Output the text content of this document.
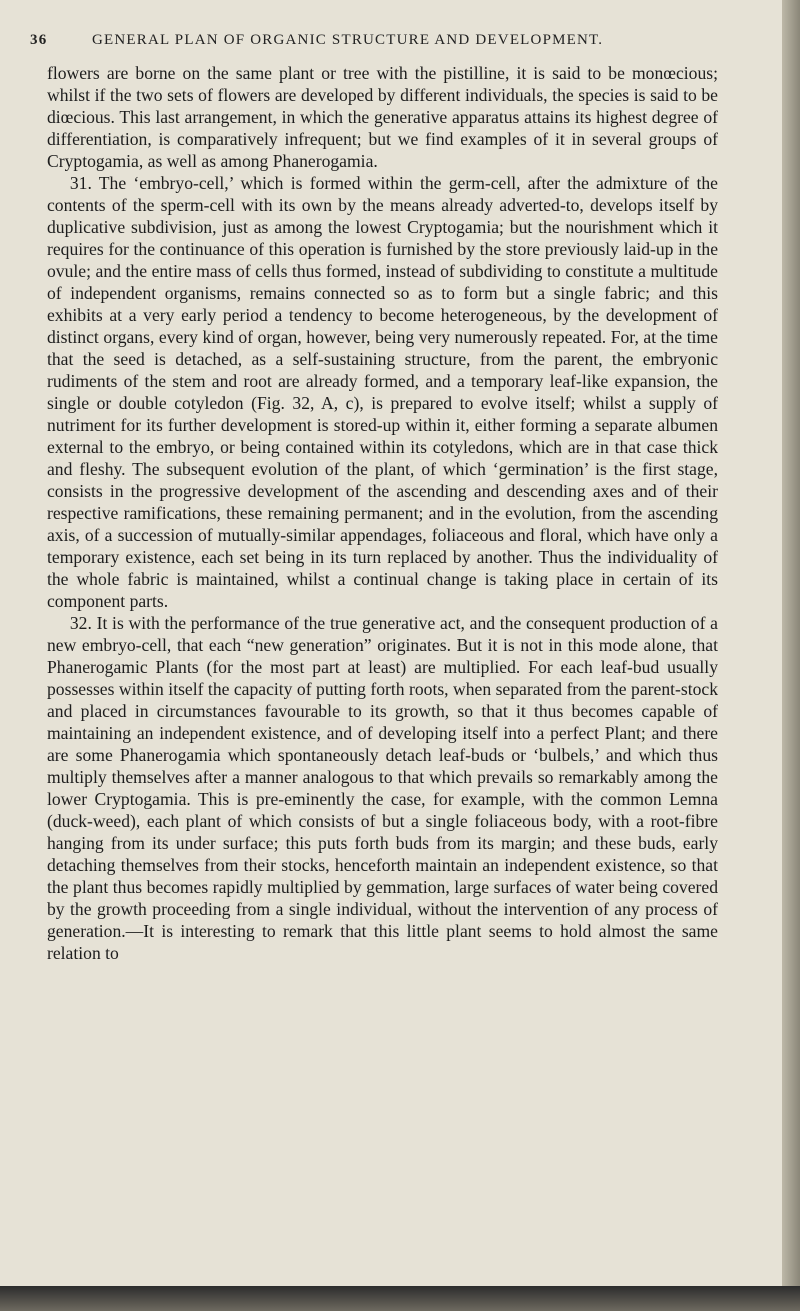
36	GENERAL PLAN OF ORGANIC STRUCTURE AND DEVELOPMENT.

flowers are borne on the same plant or tree with the pistilline, it is said to be monœcious; whilst if the two sets of flowers are developed by different individuals, the species is said to be diœcious. This last arrangement, in which the generative apparatus attains its highest degree of differentiation, is comparatively infrequent; but we find examples of it in several groups of Cryptogamia, as well as among Phanerogamia.

31. The ‘embryo-cell,’ which is formed within the germ-cell, after the admixture of the contents of the sperm-cell with its own by the means already adverted-to, develops itself by duplicative subdivision, just as among the lowest Cryptogamia; but the nourishment which it requires for the continuance of this operation is furnished by the store previously laid-up in the ovule; and the entire mass of cells thus formed, instead of subdividing to constitute a multitude of independent organisms, remains connected so as to form but a single fabric; and this exhibits at a very early period a tendency to become heterogeneous, by the development of distinct organs, every kind of organ, however, being very numerously repeated. For, at the time that the seed is detached, as a self-sustaining structure, from the parent, the embryonic rudiments of the stem and root are already formed, and a temporary leaf-like expansion, the single or double cotyledon (Fig. 32, A, c), is prepared to evolve itself; whilst a supply of nutriment for its further development is stored-up within it, either forming a separate albumen external to the embryo, or being contained within its cotyledons, which are in that case thick and fleshy. The subsequent evolution of the plant, of which ‘germination’ is the first stage, consists in the progressive development of the ascending and descending axes and of their respective ramifications, these remaining permanent; and in the evolution, from the ascending axis, of a succession of mutually-similar appendages, foliaceous and floral, which have only a temporary existence, each set being in its turn replaced by another. Thus the individuality of the whole fabric is maintained, whilst a continual change is taking place in certain of its component parts.

32. It is with the performance of the true generative act, and the consequent production of a new embryo-cell, that each “new generation” originates. But it is not in this mode alone, that Phanerogamic Plants (for the most part at least) are multiplied. For each leaf-bud usually possesses within itself the capacity of putting forth roots, when separated from the parent-stock and placed in circumstances favourable to its growth, so that it thus becomes capable of maintaining an independent existence, and of developing itself into a perfect Plant; and there are some Phanerogamia which spontaneously detach leaf-buds or ‘bulbels,’ and which thus multiply themselves after a manner analogous to that which prevails so remarkably among the lower Cryptogamia. This is pre-eminently the case, for example, with the common Lemna (duck-weed), each plant of which consists of but a single foliaceous body, with a root-fibre hanging from its under surface; this puts forth buds from its margin; and these buds, early detaching themselves from their stocks, henceforth maintain an independent existence, so that the plant thus becomes rapidly multiplied by gemmation, large surfaces of water being covered by the growth proceeding from a single individual, without the intervention of any process of generation.—It is interesting to remark that this little plant seems to hold almost the same relation to
